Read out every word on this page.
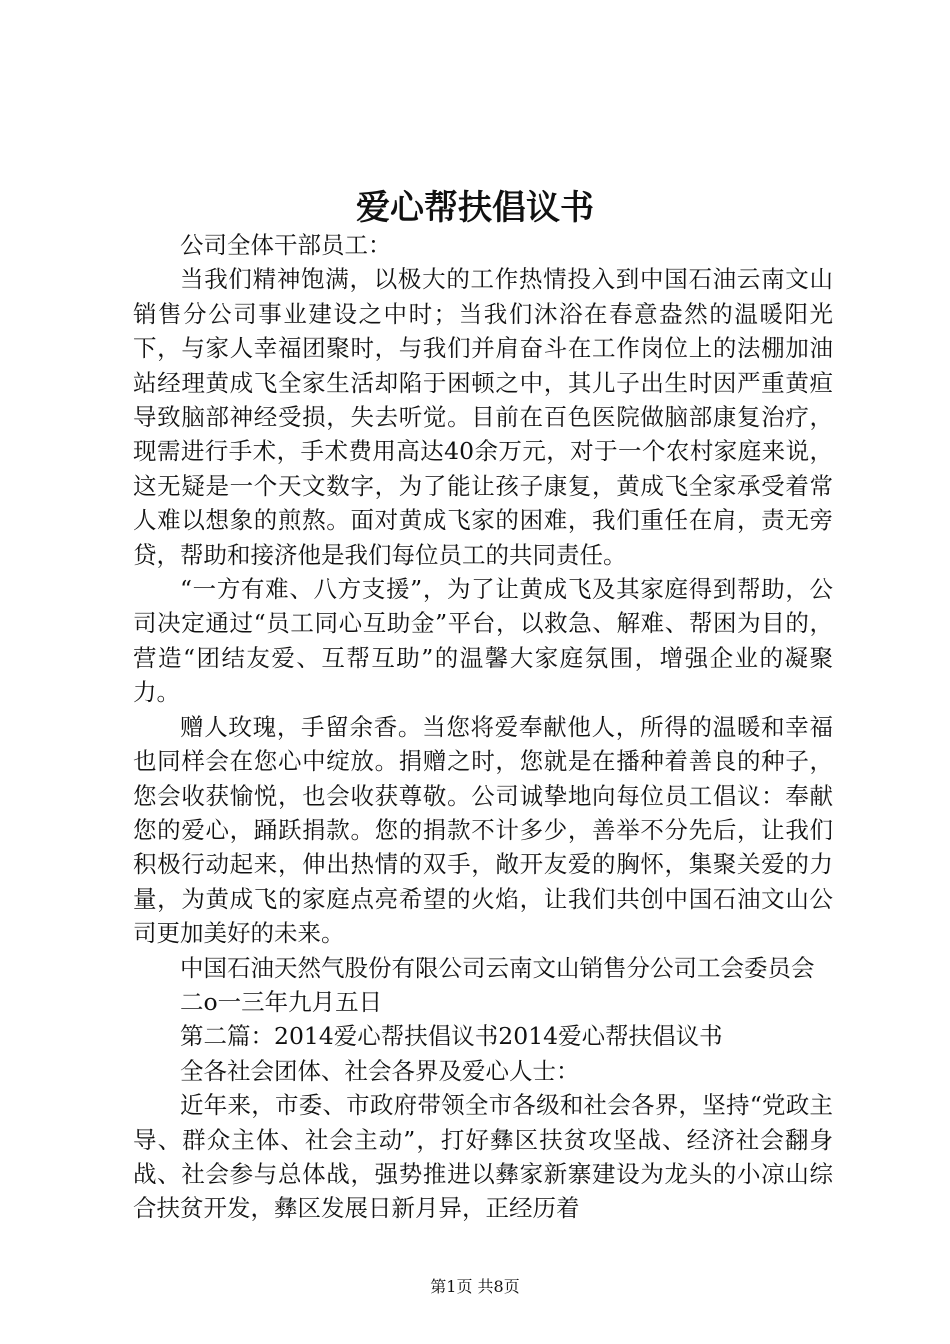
爱心帮扶倡议书

公司全体干部员工：

当我们精神饱满，以极大的工作热情投入到中国石油云南文山销售分公司事业建设之中时；当我们沐浴在春意盎然的温暖阳光下，与家人幸福团聚时，与我们并肩奋斗在工作岗位上的法棚加油站经理黄成飞全家生活却陷于困顿之中，其儿子出生时因严重黄疸导致脑部神经受损，失去听觉。目前在百色医院做脑部康复治疗，现需进行手术，手术费用高达40余万元，对于一个农村家庭来说，这无疑是一个天文数字，为了能让孩子康复，黄成飞全家承受着常人难以想象的煎熬。面对黄成飞家的困难，我们重任在肩，责无旁贷，帮助和接济他是我们每位员工的共同责任。

“一方有难、八方支援”，为了让黄成飞及其家庭得到帮助，公司决定通过“员工同心互助金”平台，以救急、解难、帮困为目的，营造“团结友爱、互帮互助”的温馨大家庭氛围，增强企业的凝聚力。

赠人玫瑰，手留余香。当您将爱奉献他人，所得的温暖和幸福也同样会在您心中绽放。捐赠之时，您就是在播种着善良的种子，您会收获愉悦，也会收获尊敬。公司诚挚地向每位员工倡议：奉献您的爱心，踊跃捐款。您的捐款不计多少，善举不分先后，让我们积极行动起来，伸出热情的双手，敞开友爱的胸怀，集聚关爱的力量，为黄成飞的家庭点亮希望的火焰，让我们共创中国石油文山公司更加美好的未来。

中国石油天然气股份有限公司云南文山销售分公司工会委员会

二o一三年九月五日

第二篇：2014爱心帮扶倡议书2014爱心帮扶倡议书

全各社会团体、社会各界及爱心人士：

近年来，市委、市政府带领全市各级和社会各界，坚持“党政主导、群众主体、社会主动”，打好彝区扶贫攻坚战、经济社会翻身战、社会参与总体战，强势推进以彝家新寨建设为龙头的小凉山综合扶贫开发，彝区发展日新月异，正经历着

第1页 共8页
